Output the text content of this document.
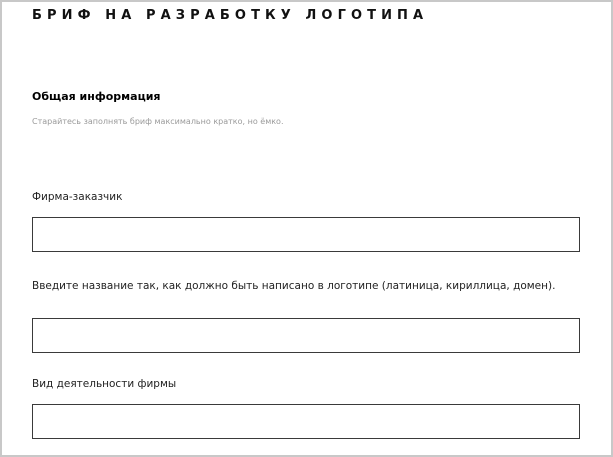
БРИФ НА РАЗРАБОТКУ ЛОГОТИПА
Общая информация
Старайтесь заполнять бриф максимально кратко, но ёмко.
Фирма-заказчик
Введите название так, как должно быть написано в логотипе (латиница, кириллица, домен).
Вид деятельности фирмы
